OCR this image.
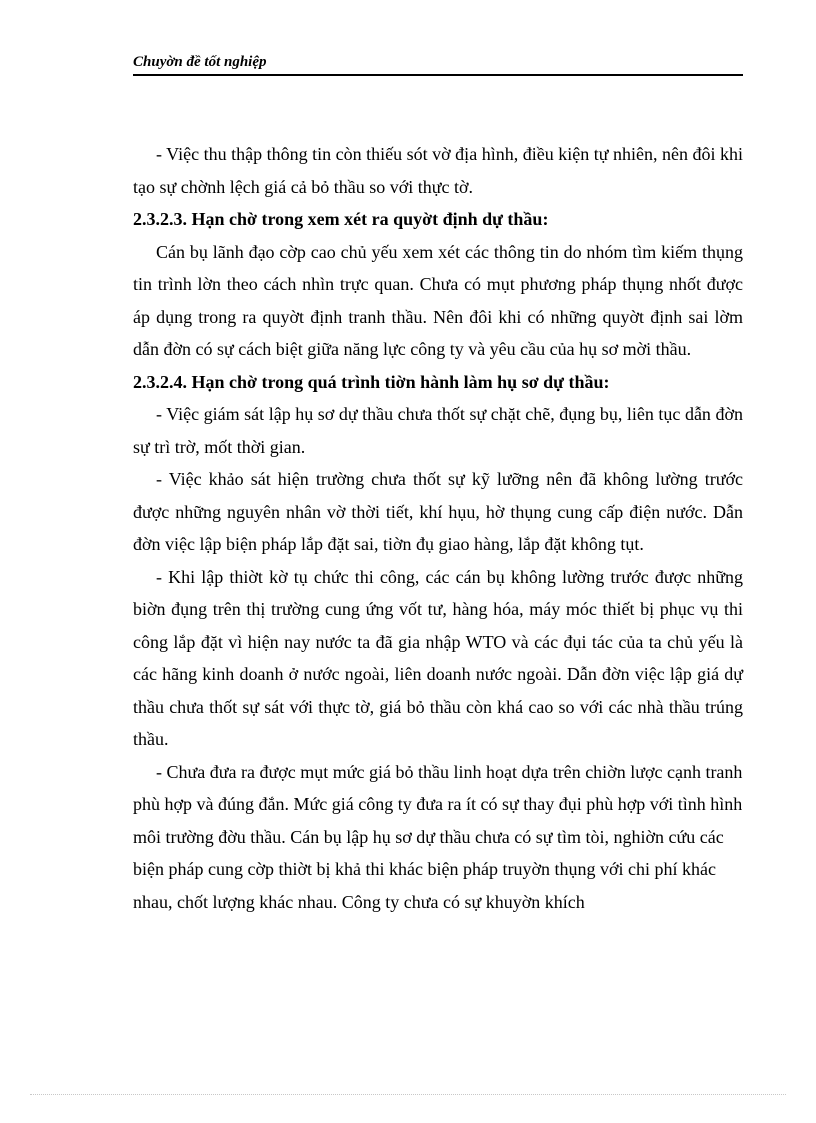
Chuyờn đề tốt nghiệp

- Việc thu thập thông tin còn thiếu sót vờ địa hình, điều kiện tự nhiên, nên đôi khi tạo sự chờnh lệch giá cả bỏ thầu so với thực tờ.

2.3.2.3. Hạn chờ trong xem xét ra quyờt định dự thầu:

Cán bụ lãnh đạo cờp cao chủ yếu xem xét các thông tin do nhóm tìm kiếm thụng tin trình lờn theo cách nhìn trực quan. Chưa có mụt phương pháp thụng nhốt được áp dụng trong ra quyờt định tranh thầu. Nên đôi khi có những quyờt định sai lờm dẫn đờn có sự cách biệt giữa năng lực công ty và yêu cầu của hụ sơ mời thầu.

2.3.2.4. Hạn chờ trong quá trình tiờn hành làm hụ sơ dự thầu:

- Việc giám sát lập hụ sơ dự thầu chưa thốt sự chặt chẽ, đụng bụ, liên tục dẫn đờn sự trì trờ, mốt thời gian.

- Việc khảo sát hiện trường chưa thốt sự kỹ lưỡng nên đã không lường trước được những nguyên nhân vờ thời tiết, khí hụu, hờ thụng cung cấp điện nước. Dẫn đờn việc lập biện pháp lắp đặt sai, tiờn đụ giao hàng, lắp đặt không tụt.

- Khi lập thiờt kờ tụ chức thi công, các cán bụ không lường trước được những biờn đụng trên thị trường cung ứng vốt tư, hàng hóa, máy móc thiết bị phục vụ thi công lắp đặt vì hiện nay nước ta đã gia nhập WTO và các đụi tác của ta chủ yếu là các hãng kinh doanh ở nước ngoài, liên doanh nước ngoài. Dẫn đờn việc lập giá dự thầu chưa thốt sự sát với thực tờ, giá bỏ thầu còn khá cao so với các nhà thầu trúng thầu.

- Chưa đưa ra được mụt mức giá bỏ thầu linh hoạt dựa trên chiờn lược cạnh tranh phù hợp và đúng đắn. Mức giá công ty đưa ra ít có sự thay đụi phù hợp với tình hình môi trường đờu thầu. Cán bụ lập hụ sơ dự thầu chưa có sự tìm tòi, nghiờn cứu các biện pháp cung cờp thiờt bị khả thi khác biện pháp truyờn thụng với chi phí khác nhau, chốt lượng khác nhau. Công ty chưa có sự khuyờn khích
